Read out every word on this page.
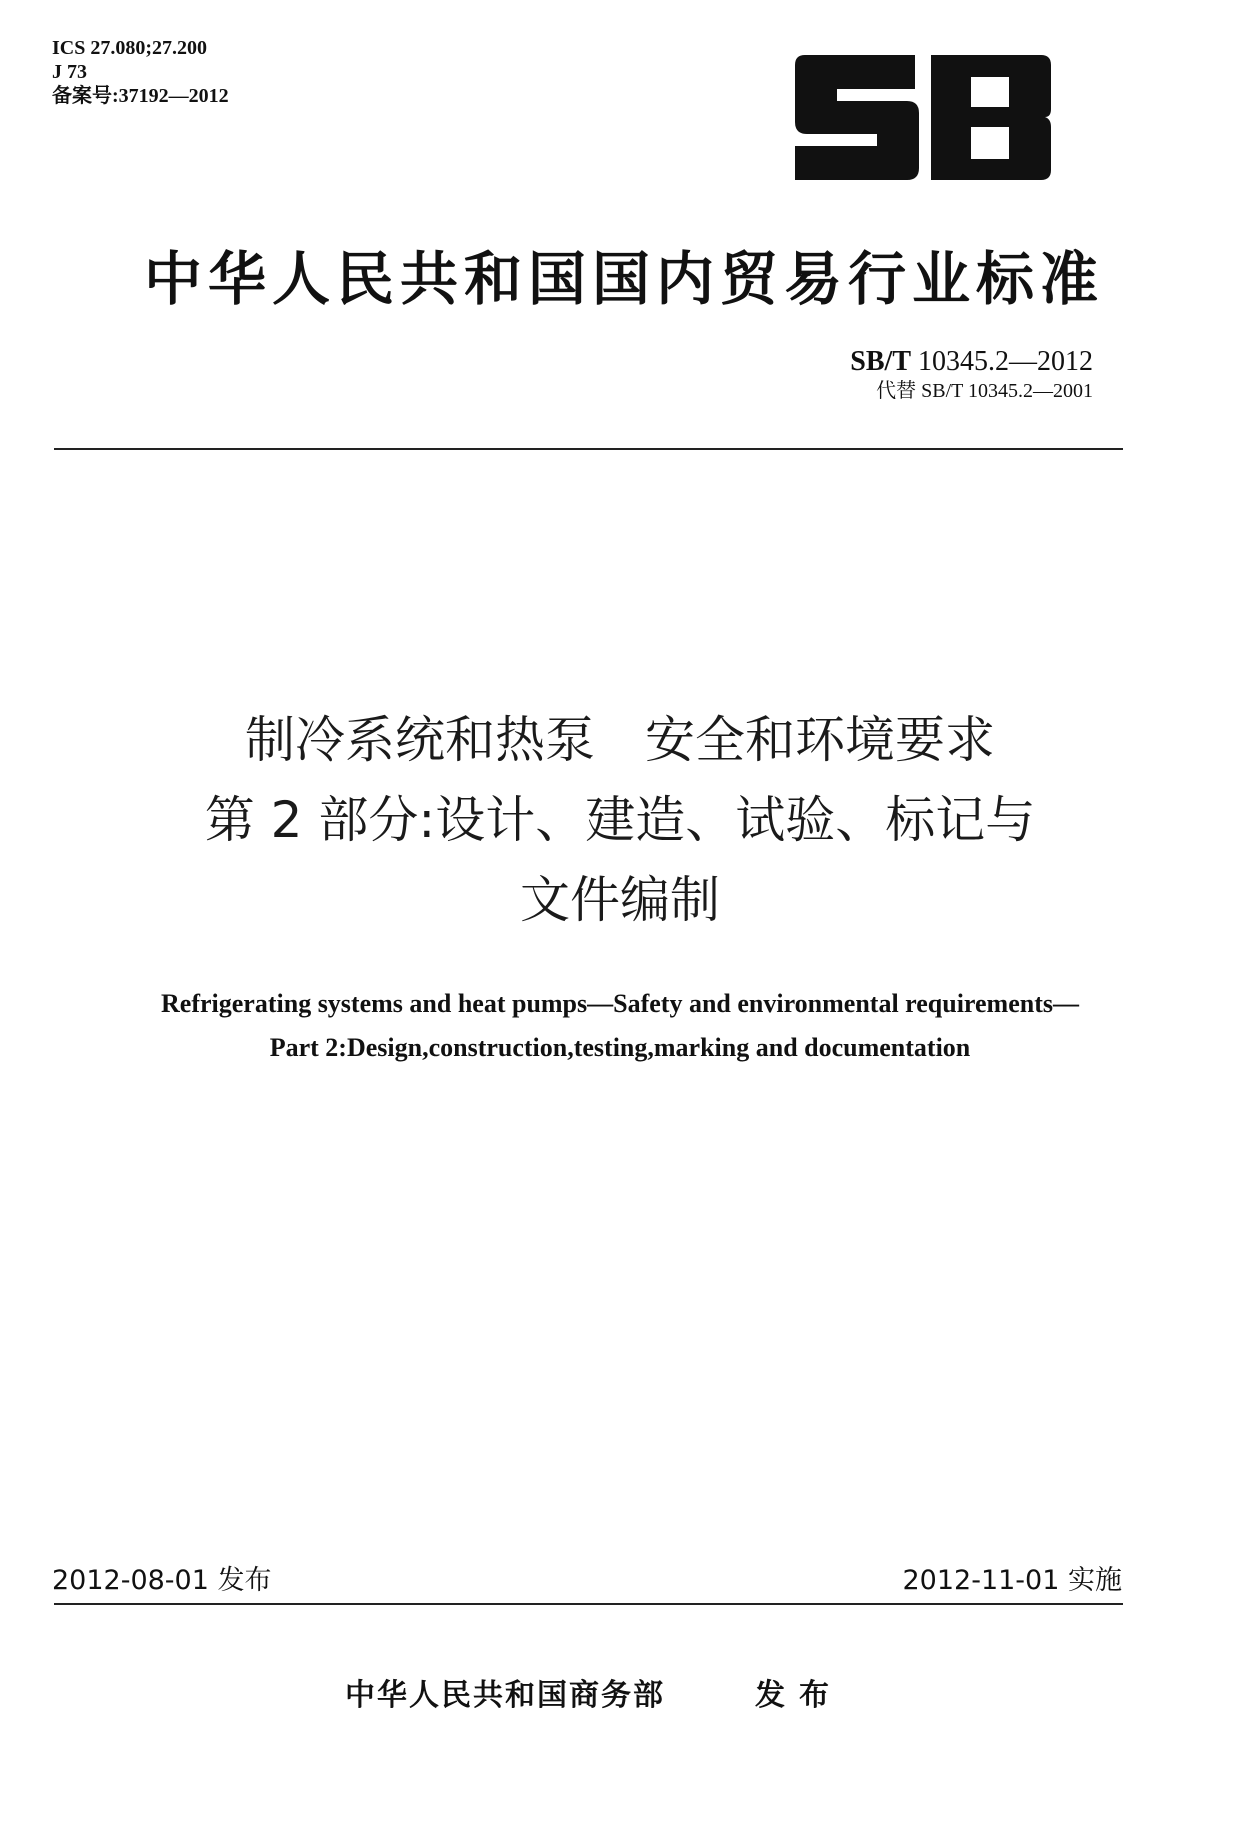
ICS 27.080;27.200
J 73
备案号:37192—2012
中华人民共和国国内贸易行业标准
SB/T 10345.2—2012
代替 SB/T 10345.2—2001
制冷系统和热泵　安全和环境要求
第 2 部分:设计、建造、试验、标记与
文件编制
Refrigerating systems and heat pumps—Safety and environmental requirements—
Part 2:Design,construction,testing,marking and documentation
2012-08-01 发布	2012-11-01 实施
中华人民共和国商务部	发布
